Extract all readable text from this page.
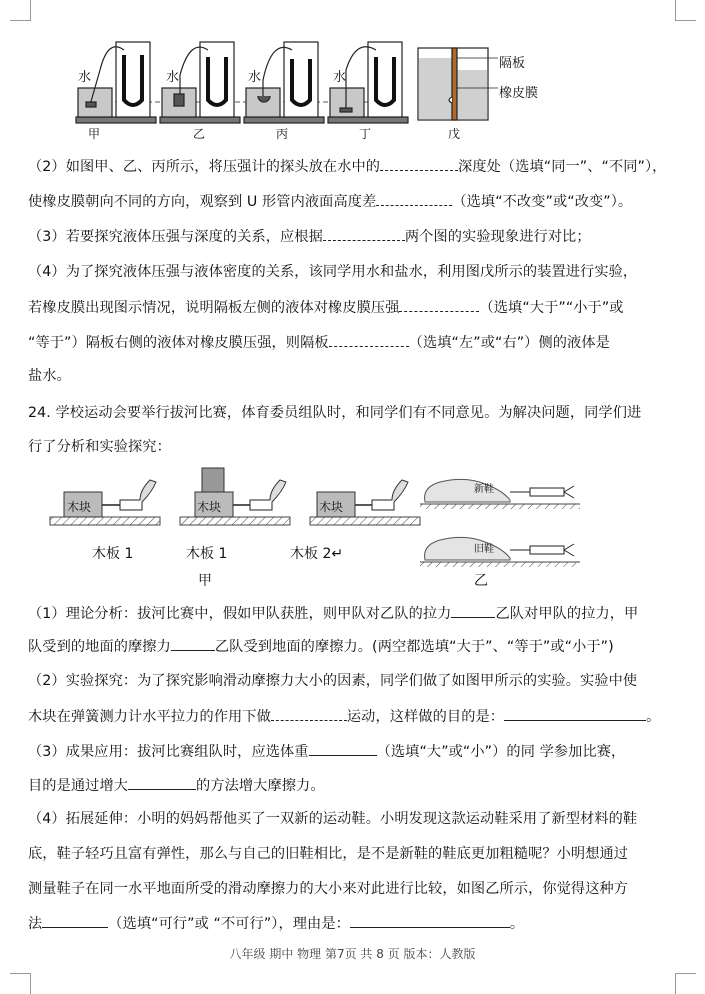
水	水	水	水
隔板
橡皮膜
甲	乙	丙	丁	戊
（2）如图甲、乙、丙所示，将压强计的探头放在水中的	深度处（选填“同一”、“不同”），
使橡皮膜朝向不同的方向，观察到 U 形管内液面高度差	（选填“不改变”或“改变”）。
（3）若要探究液体压强与深度的关系，应根据	两个图的实验现象进行对比；
（4）为了探究液体压强与液体密度的关系，该同学用水和盐水，利用图戊所示的装置进行实验，
若橡皮膜出现图示情况，说明隔板左侧的液体对橡皮膜压强	（选填“大于”“小于”或
“等于”）隔板右侧的液体对橡皮膜压强，则隔板	（选填“左”或“右”）侧的液体是
盐水。
24. 学校运动会要举行拔河比赛，体育委员组队时，和同学们有不同意见。为解决问题，同学们进
行了分析和实验探究：
木块	木块	木块
新鞋
旧鞋
木板 1	木板 1	木板 2↵
甲	乙
（1）理论分析：拔河比赛中，假如甲队获胜，则甲队对乙队的拉力	乙队对甲队的拉力，甲
队受到的地面的摩擦力	乙队受到地面的摩擦力。(两空都选填“大于”、“等于”或“小于”)
（2）实验探究：为了探究影响滑动摩擦力大小的因素，同学们做了如图甲所示的实验。实验中使
木块在弹簧测力计水平拉力的作用下做	运动，这样做的目的是：	。
（3）成果应用：拔河比赛组队时，应选体重	（选填“大”或“小”）的同 学参加比赛，
目的是通过增大	的方法增大摩擦力。
（4）拓展延伸：小明的妈妈帮他买了一双新的运动鞋。小明发现这款运动鞋采用了新型材料的鞋
底，鞋子轻巧且富有弹性，那么与自己的旧鞋相比，是不是新鞋的鞋底更加粗糙呢？小明想通过
测量鞋子在同一水平地面所受的滑动摩擦力的大小来对此进行比较，如图乙所示，你觉得这种方
法	（选填“可行”或 “不可行”），理由是：	。
八年级 期中 物理 第7页 共 8 页 版本：人教版
